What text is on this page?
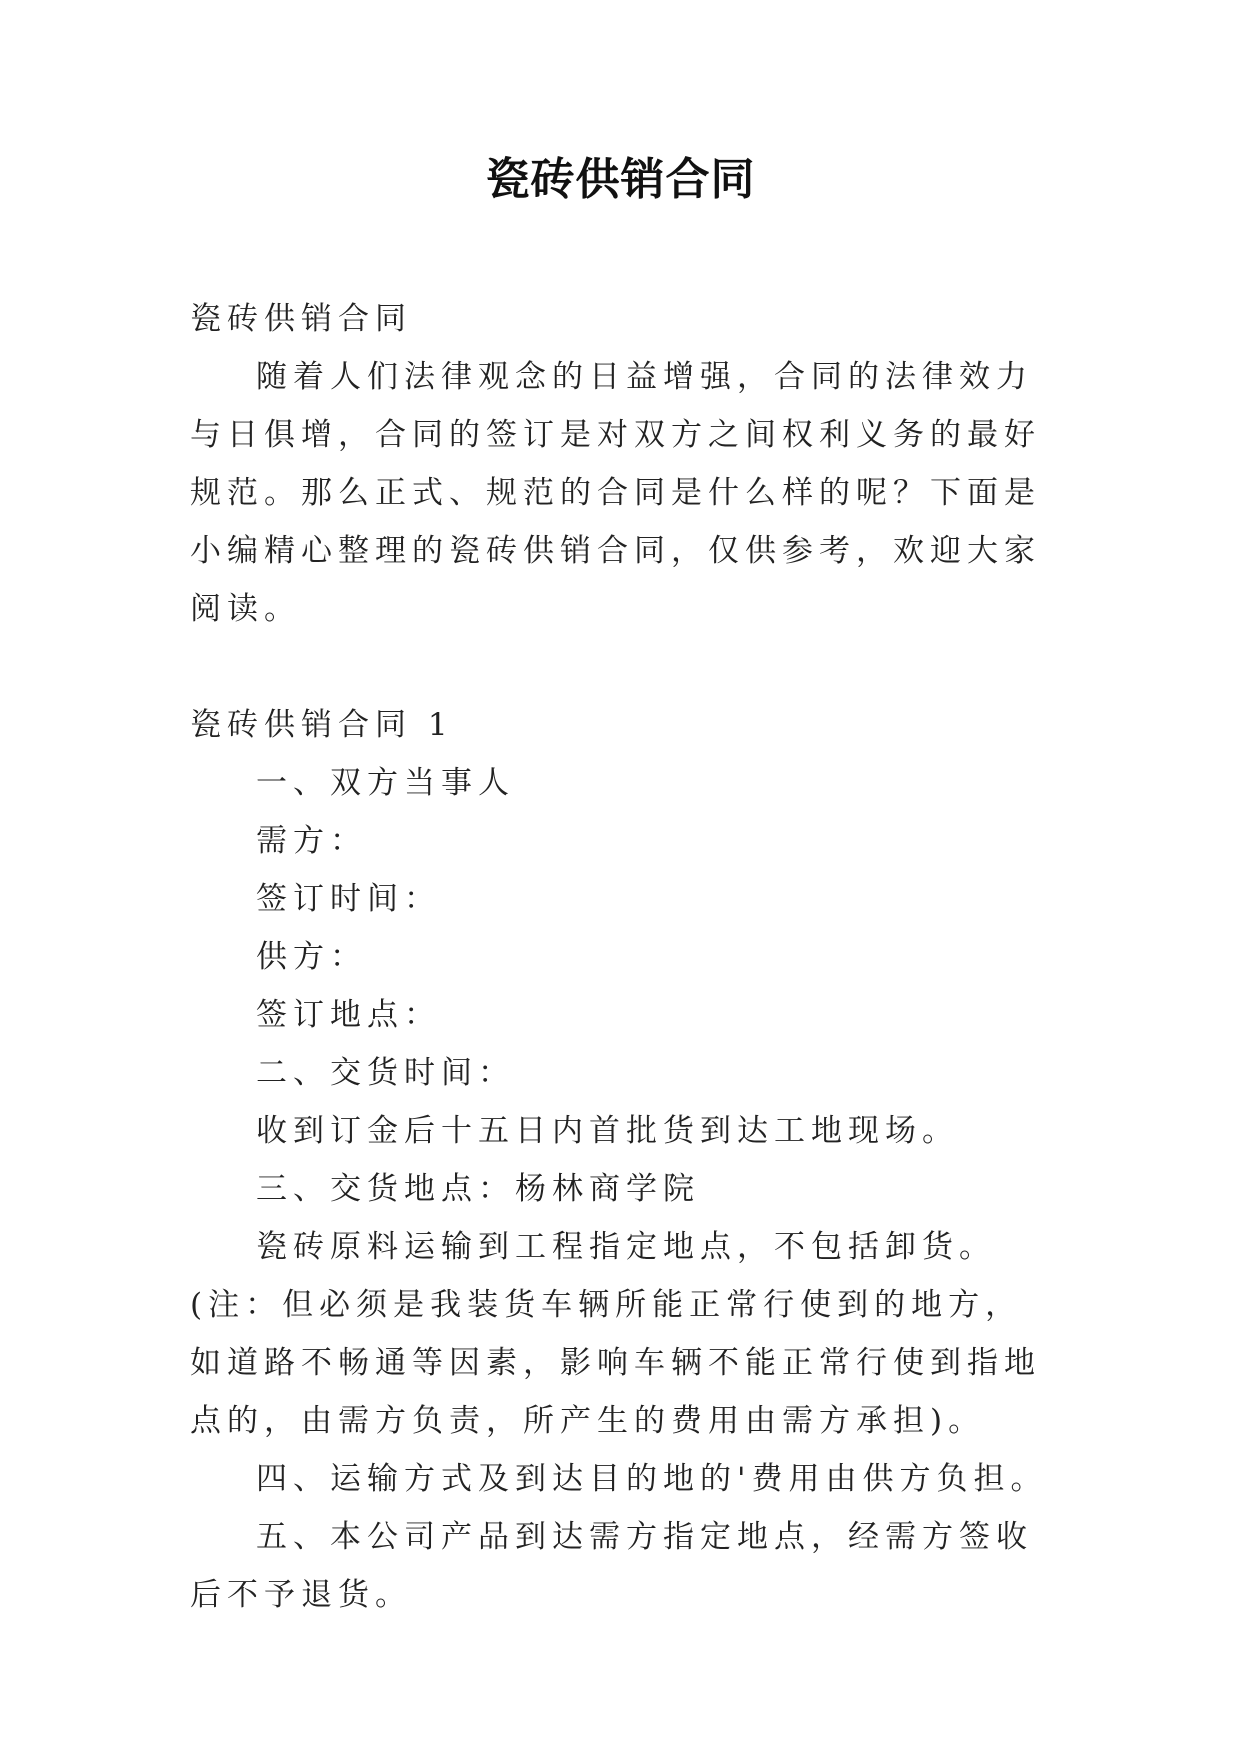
瓷砖供销合同

瓷砖供销合同

随着人们法律观念的日益增强，合同的法律效力与日俱增，合同的签订是对双方之间权利义务的最好规范。那么正式、规范的合同是什么样的呢？下面是小编精心整理的瓷砖供销合同，仅供参考，欢迎大家阅读。

瓷砖供销合同 1

一、双方当事人

需方：

签订时间：

供方：

签订地点：

二、交货时间：

收到订金后十五日内首批货到达工地现场。

三、交货地点：杨林商学院

瓷砖原料运输到工程指定地点，不包括卸货。(注：但必须是我装货车辆所能正常行使到的地方，如道路不畅通等因素，影响车辆不能正常行使到指地点的，由需方负责，所产生的费用由需方承担)。

四、运输方式及到达目的地的'费用由供方负担。

五、本公司产品到达需方指定地点，经需方签收后不予退货。
